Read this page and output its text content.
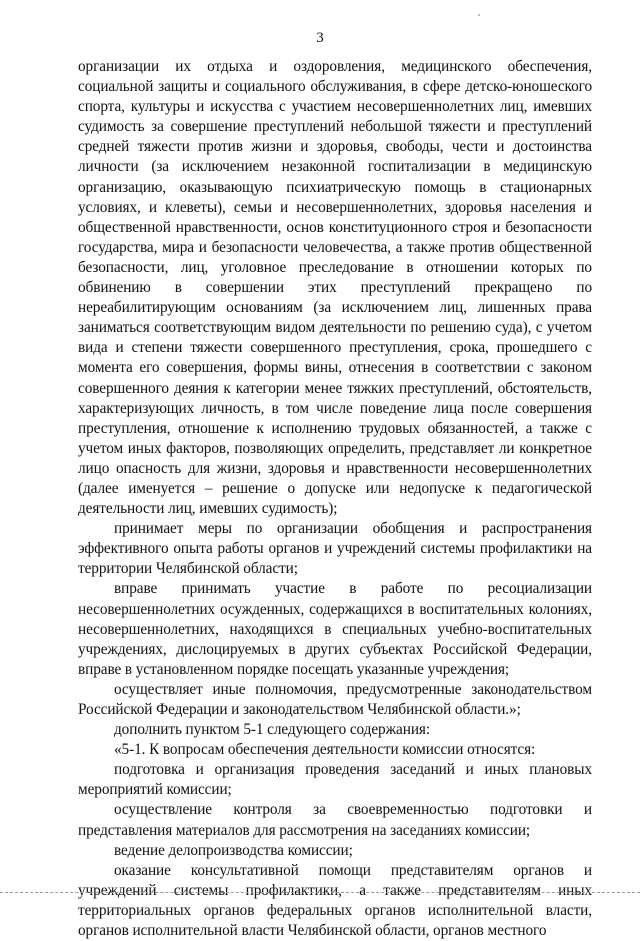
3

организации их отдыха и оздоровления, медицинского обеспечения, социальной защиты и социального обслуживания, в сфере детско-юношеского спорта, культуры и искусства с участием несовершеннолетних лиц, имевших судимость за совершение преступлений небольшой тяжести и преступлений средней тяжести против жизни и здоровья, свободы, чести и достоинства личности (за исключением незаконной госпитализации в медицинскую организацию, оказывающую психиатрическую помощь в стационарных условиях, и клеветы), семьи и несовершеннолетних, здоровья населения и общественной нравственности, основ конституционного строя и безопасности государства, мира и безопасности человечества, а также против общественной безопасности, лиц, уголовное преследование в отношении которых по обвинению в совершении этих преступлений прекращено по нереабилитирующим основаниям (за исключением лиц, лишенных права заниматься соответствующим видом деятельности по решению суда), с учетом вида и степени тяжести совершенного преступления, срока, прошедшего с момента его совершения, формы вины, отнесения в соответствии с законом совершенного деяния к категории менее тяжких преступлений, обстоятельств, характеризующих личность, в том числе поведение лица после совершения преступления, отношение к исполнению трудовых обязанностей, а также с учетом иных факторов, позволяющих определить, представляет ли конкретное лицо опасность для жизни, здоровья и нравственности несовершеннолетних (далее именуется – решение о допуске или недопуске к педагогической деятельности лиц, имевших судимость);

принимает меры по организации обобщения и распространения эффективного опыта работы органов и учреждений системы профилактики на территории Челябинской области;

вправе принимать участие в работе по ресоциализации несовершеннолетних осужденных, содержащихся в воспитательных колониях, несовершеннолетних, находящихся в специальных учебно-воспитательных учреждениях, дислоцируемых в других субъектах Российской Федерации, вправе в установленном порядке посещать указанные учреждения;

осуществляет иные полномочия, предусмотренные законодательством Российской Федерации и законодательством Челябинской области.»;

дополнить пунктом 5-1 следующего содержания:

«5-1. К вопросам обеспечения деятельности комиссии относятся:

подготовка и организация проведения заседаний и иных плановых мероприятий комиссии;

осуществление контроля за своевременностью подготовки и представления материалов для рассмотрения на заседаниях комиссии;

ведение делопроизводства комиссии;

оказание консультативной помощи представителям органов и учреждений системы профилактики, а также представителям иных территориальных органов федеральных органов исполнительной власти, органов исполнительной власти Челябинской области, органов местного
